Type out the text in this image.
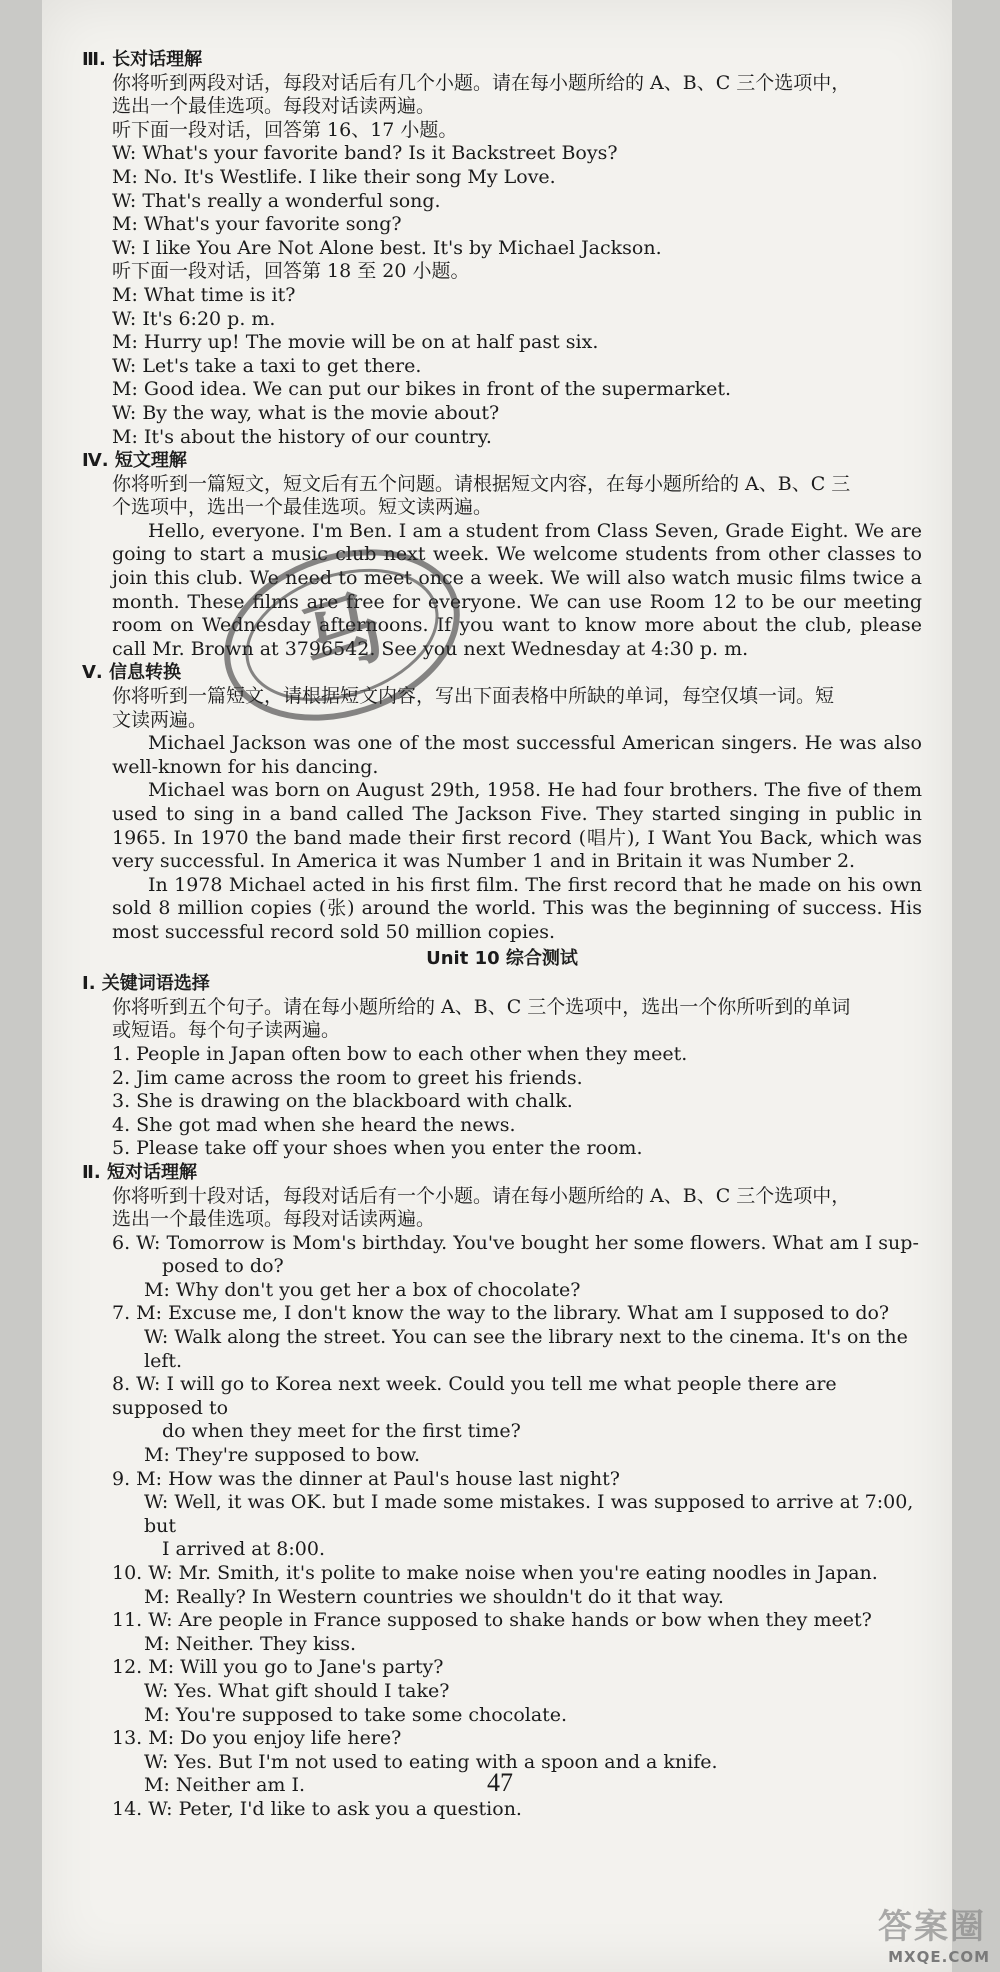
Ⅲ. 长对话理解

你将听到两段对话，每段对话后有几个小题。请在每小题所给的 A、B、C 三个选项中，

选出一个最佳选项。每段对话读两遍。

听下面一段对话，回答第 16、17 小题。

W: What's your favorite band? Is it Backstreet Boys?

M: No. It's Westlife. I like their song My Love.

W: That's really a wonderful song.

M: What's your favorite song?

W: I like You Are Not Alone best. It's by Michael Jackson.

听下面一段对话，回答第 18 至 20 小题。

M: What time is it?

W: It's 6:20 p. m.

M: Hurry up! The movie will be on at half past six.

W: Let's take a taxi to get there.

M: Good idea. We can put our bikes in front of the supermarket.

W: By the way, what is the movie about?

M: It's about the history of our country.

Ⅳ. 短文理解

你将听到一篇短文，短文后有五个问题。请根据短文内容，在每小题所给的 A、B、C 三

个选项中，选出一个最佳选项。短文读两遍。

Hello, everyone. I'm Ben. I am a student from Class Seven, Grade Eight. We are going to start a music club next week. We welcome students from other classes to join this club. We need to meet once a week. We will also watch music films twice a month. These films are free for everyone. We can use Room 12 to be our meeting room on Wednesday afternoons. If you want to know more about the club, please call Mr. Brown at 3796542. See you next Wednesday at 4:30 p. m.

Ⅴ. 信息转换

你将听到一篇短文，请根据短文内容，写出下面表格中所缺的单词，每空仅填一词。短

文读两遍。

Michael Jackson was one of the most successful American singers. He was also well-known for his dancing.

Michael was born on August 29th, 1958. He had four brothers. The five of them used to sing in a band called The Jackson Five. They started singing in public in 1965. In 1970 the band made their first record (唱片), I Want You Back, which was very successful. In America it was Number 1 and in Britain it was Number 2.

In 1978 Michael acted in his first film. The first record that he made on his own sold 8 million copies (张) around the world. This was the beginning of success. His most successful record sold 50 million copies.

Unit 10 综合测试

Ⅰ. 关键词语选择

你将听到五个句子。请在每小题所给的 A、B、C 三个选项中，选出一个你所听到的单词

或短语。每个句子读两遍。

1. People in Japan often bow to each other when they meet.

2. Jim came across the room to greet his friends.

3. She is drawing on the blackboard with chalk.

4. She got mad when she heard the news.

5. Please take off your shoes when you enter the room.

Ⅱ. 短对话理解

你将听到十段对话，每段对话后有一个小题。请在每小题所给的 A、B、C 三个选项中，

选出一个最佳选项。每段对话读两遍。

6. W: Tomorrow is Mom's birthday. You've bought her some flowers. What am I sup-

posed to do?

M: Why don't you get her a box of chocolate?

7. M: Excuse me, I don't know the way to the library. What am I supposed to do?

W: Walk along the street. You can see the library next to the cinema. It's on the left.

8. W: I will go to Korea next week. Could you tell me what people there are supposed to

do when they meet for the first time?

M: They're supposed to bow.

9. M: How was the dinner at Paul's house last night?

W: Well, it was OK. but I made some mistakes. I was supposed to arrive at 7:00, but

I arrived at 8:00.

10. W: Mr. Smith, it's polite to make noise when you're eating noodles in Japan.

M: Really? In Western countries we shouldn't do it that way.

11. W: Are people in France supposed to shake hands or bow when they meet?

M: Neither. They kiss.

12. M: Will you go to Jane's party?

W: Yes. What gift should I take?

M: You're supposed to take some chocolate.

13. M: Do you enjoy life here?

W: Yes. But I'm not used to eating with a spoon and a knife.

M: Neither am I.

14. W: Peter, I'd like to ask you a question.

马
47
答案圈
MXQE.COM
